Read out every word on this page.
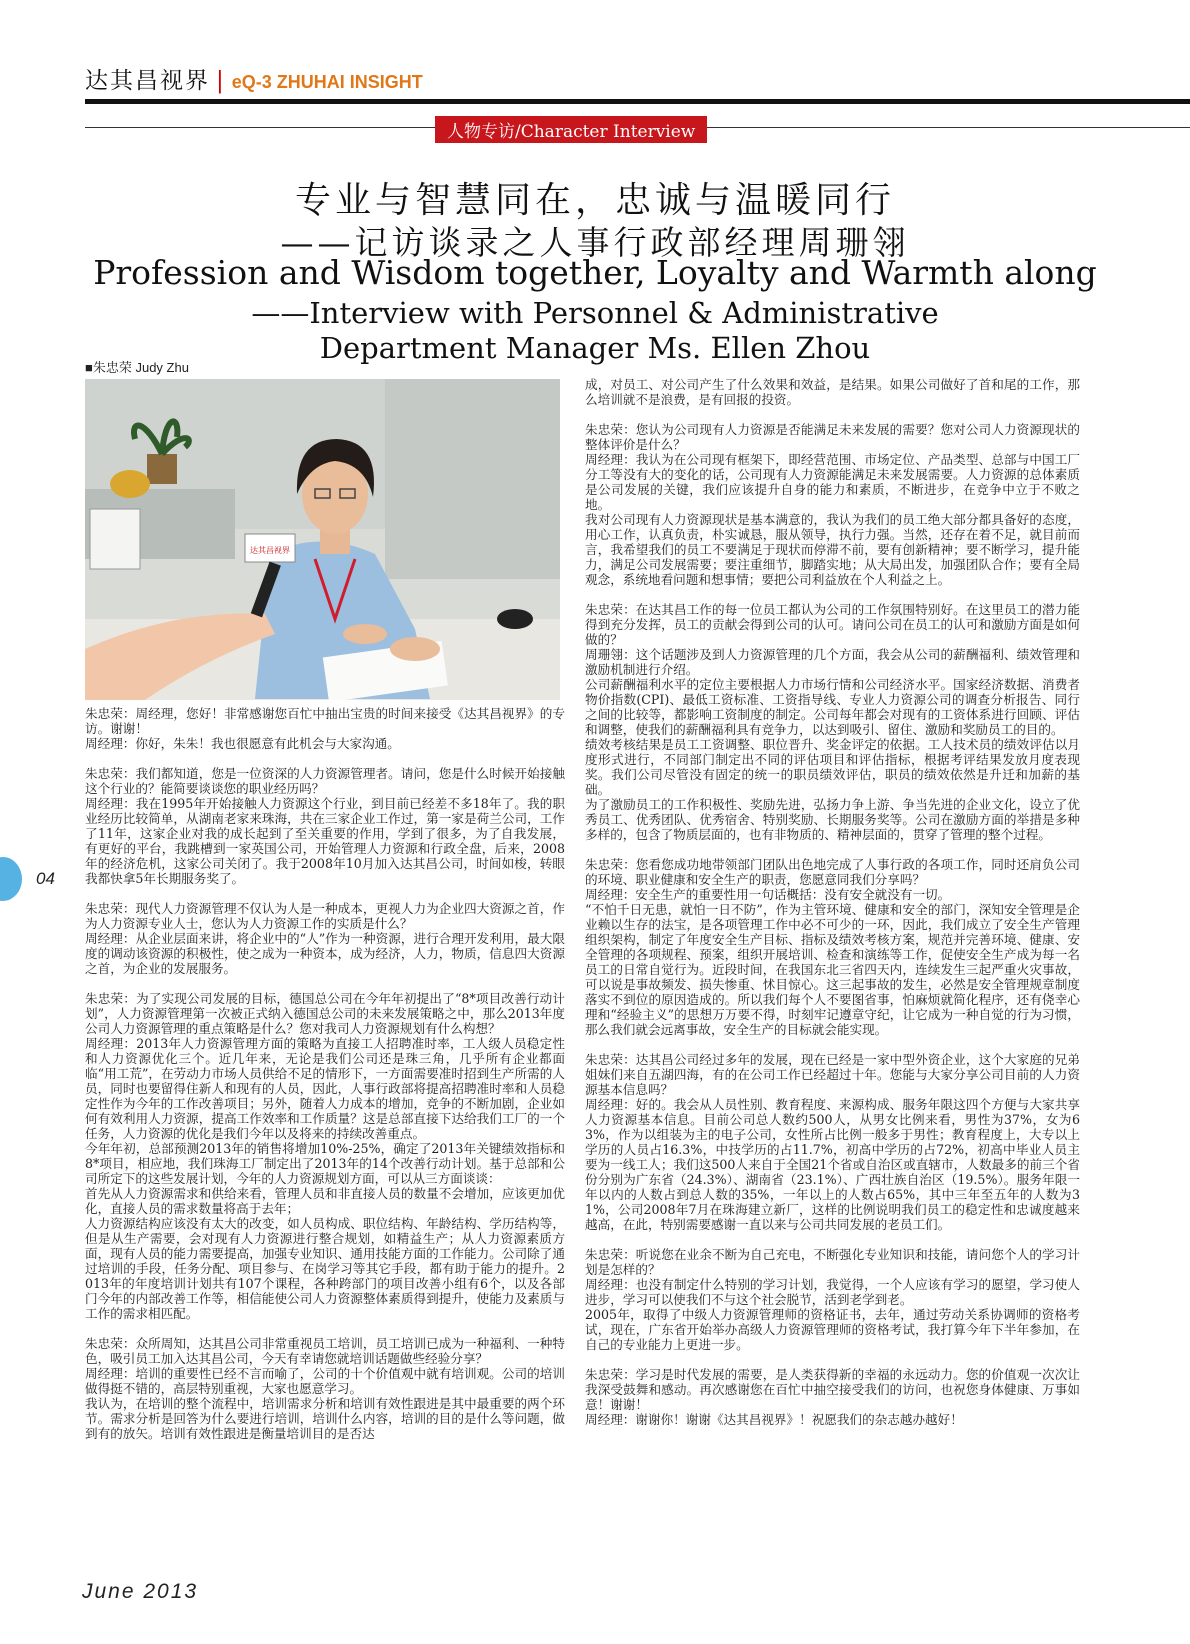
达其昌视界 | eQ-3 ZHUHAI INSIGHT
人物专访/Character Interview
专业与智慧同在，忠诚与温暖同行
——记访谈录之人事行政部经理周珊翎
Profession and Wisdom together, Loyalty and Warmth along
——Interview with Personnel & Administrative
Department Manager Ms. Ellen Zhou
■朱忠荣 Judy Zhu
达其昌视界

朱忠荣：周经理，您好！非常感谢您百忙中抽出宝贵的时间来接受《达其昌视界》的专访。谢谢！

周经理：你好，朱朱！我也很愿意有此机会与大家沟通。

朱忠荣：我们都知道，您是一位资深的人力资源管理者。请问，您是什么时候开始接触这个行业的？能简要谈谈您的职业经历吗？

周经理：我在1995年开始接触人力资源这个行业，到目前已经差不多18年了。我的职业经历比较简单，从湖南老家来珠海，共在三家企业工作过，第一家是荷兰公司，工作了11年，这家企业对我的成长起到了至关重要的作用，学到了很多，为了自我发展，有更好的平台，我跳槽到一家英国公司，开始管理人力资源和行政全盘，后来，2008年的经济危机，这家公司关闭了。我于2008年10月加入达其昌公司，时间如梭，转眼我都快拿5年长期服务奖了。

朱忠荣：现代人力资源管理不仅认为人是一种成本，更视人力为企业四大资源之首，作为人力资源专业人士，您认为人力资源工作的实质是什么？

周经理：从企业层面来讲，将企业中的“人”作为一种资源，进行合理开发利用，最大限度的调动该资源的积极性，使之成为一种资本，成为经济，人力，物质，信息四大资源之首，为企业的发展服务。

朱忠荣：为了实现公司发展的目标，德国总公司在今年年初提出了“8*项目改善行动计划”，人力资源管理第一次被正式纳入德国总公司的未来发展策略之中，那么2013年度公司人力资源管理的重点策略是什么？您对我司人力资源规划有什么构想？

周经理：2013年人力资源管理方面的策略为直接工人招聘准时率，工人级人员稳定性和人力资源优化三个。近几年来，无论是我们公司还是珠三角，几乎所有企业都面临“用工荒”，在劳动力市场人员供给不足的情形下，一方面需要准时招到生产所需的人员，同时也要留得住新人和现有的人员，因此，人事行政部将提高招聘准时率和人员稳定性作为今年的工作改善项目；另外，随着人力成本的增加，竞争的不断加剧，企业如何有效利用人力资源，提高工作效率和工作质量？这是总部直接下达给我们工厂的一个任务，人力资源的优化是我们今年以及将来的持续改善重点。

今年年初，总部预测2013年的销售将增加10%-25%，确定了2013年关键绩效指标和8*项目，相应地，我们珠海工厂制定出了2013年的14个改善行动计划。基于总部和公司所定下的这些发展计划，今年的人力资源规划方面，可以从三方面谈谈：

首先从人力资源需求和供给来看，管理人员和非直接人员的数量不会增加，应该更加优化，直接人员的需求数量将高于去年；

人力资源结构应该没有太大的改变，如人员构成、职位结构、年龄结构、学历结构等，但是从生产需要，会对现有人力资源进行整合规划，如精益生产；从人力资源素质方面，现有人员的能力需要提高，加强专业知识、通用技能方面的工作能力。公司除了通过培训的手段，任务分配、项目参与、在岗学习等其它手段，都有助于能力的提升。2013年的年度培训计划共有107个课程，各种跨部门的项目改善小组有6个，以及各部门今年的内部改善工作等，相信能使公司人力资源整体素质得到提升，使能力及素质与工作的需求相匹配。

朱忠荣：众所周知，达其昌公司非常重视员工培训，员工培训已成为一种福利、一种特色，吸引员工加入达其昌公司，今天有幸请您就培训话题做些经验分享？

周经理：培训的重要性已经不言而喻了，公司的十个价值观中就有培训观。公司的培训做得挺不错的，高层特别重视，大家也愿意学习。

我认为，在培训的整个流程中，培训需求分析和培训有效性跟进是其中最重要的两个环节。需求分析是回答为什么要进行培训，培训什么内容，培训的目的是什么等问题，做到有的放矢。培训有效性跟进是衡量培训目的是否达

成，对员工、对公司产生了什么效果和效益，是结果。如果公司做好了首和尾的工作，那么培训就不是浪费，是有回报的投资。

朱忠荣：您认为公司现有人力资源是否能满足未来发展的需要？您对公司人力资源现状的整体评价是什么？

周经理：我认为在公司现有框架下，即经营范围、市场定位、产品类型、总部与中国工厂分工等没有大的变化的话，公司现有人力资源能满足未来发展需要。人力资源的总体素质是公司发展的关键，我们应该提升自身的能力和素质，不断进步，在竞争中立于不败之地。

我对公司现有人力资源现状是基本满意的，我认为我们的员工绝大部分都具备好的态度，用心工作，认真负责，朴实诚恳，服从领导，执行力强。当然，还存在着不足，就目前而言，我希望我们的员工不要满足于现状而停滞不前，要有创新精神；要不断学习，提升能力，满足公司发展需要；要注重细节，脚踏实地；从大局出发，加强团队合作；要有全局观念，系统地看问题和想事情；要把公司利益放在个人利益之上。

朱忠荣：在达其昌工作的每一位员工都认为公司的工作氛围特别好。在这里员工的潜力能得到充分发挥，员工的贡献会得到公司的认可。请问公司在员工的认可和激励方面是如何做的？

周珊翎：这个话题涉及到人力资源管理的几个方面，我会从公司的薪酬福利、绩效管理和激励机制进行介绍。

公司薪酬福利水平的定位主要根据人力市场行情和公司经济水平。国家经济数据、消费者物价指数(CPI)、最低工资标准、工资指导线、专业人力资源公司的调查分析报告、同行之间的比较等，都影响工资制度的制定。公司每年都会对现有的工资体系进行回顾、评估和调整，使我们的薪酬福利具有竞争力，以达到吸引、留住、激励和奖励员工的目的。

绩效考核结果是员工工资调整、职位晋升、奖金评定的依据。工人技术员的绩效评估以月度形式进行，不同部门制定出不同的评估项目和评估指标，根据考评结果发放月度表现奖。我们公司尽管没有固定的统一的职员绩效评估，职员的绩效依然是升迁和加薪的基础。

为了激励员工的工作积极性、奖励先进，弘扬力争上游、争当先进的企业文化，设立了优秀员工、优秀团队、优秀宿舍、特别奖励、长期服务奖等。公司在激励方面的举措是多种多样的，包含了物质层面的，也有非物质的、精神层面的，贯穿了管理的整个过程。

朱忠荣：您看您成功地带领部门团队出色地完成了人事行政的各项工作，同时还肩负公司的环境、职业健康和安全生产的职责，您愿意同我们分享吗？

周经理：安全生产的重要性用一句话概括：没有安全就没有一切。

“不怕千日无患，就怕一日不防”，作为主管环境、健康和安全的部门，深知安全管理是企业赖以生存的法宝，是各项管理工作中必不可少的一环，因此，我们成立了安全生产管理组织架构，制定了年度安全生产目标、指标及绩效考核方案，规范并完善环境、健康、安全管理的各项规程、预案，组织开展培训、检查和演练等工作，促使安全生产成为每一名员工的日常自觉行为。近段时间，在我国东北三省四天内，连续发生三起严重火灾事故，可以说是事故频发、损失惨重、怵目惊心。这三起事故的发生，必然是安全管理规章制度落实不到位的原因造成的。所以我们每个人不要图省事，怕麻烦就简化程序，还有侥幸心理和“经验主义”的思想万万要不得，时刻牢记遵章守纪，让它成为一种自觉的行为习惯，那么我们就会远离事故，安全生产的目标就会能实现。

朱忠荣：达其昌公司经过多年的发展，现在已经是一家中型外资企业，这个大家庭的兄弟姐妹们来自五湖四海，有的在公司工作已经超过十年。您能与大家分享公司目前的人力资源基本信息吗？

周经理：好的。我会从人员性别、教育程度、来源构成、服务年限这四个方便与大家共享人力资源基本信息。目前公司总人数约500人，从男女比例来看，男性为37%，女为63%，作为以组装为主的电子公司，女性所占比例一般多于男性；教育程度上，大专以上学历的人员占16.3%，中技学历的占11.7%，初高中学历的占72%，初高中毕业人员主要为一线工人；我们这500人来自于全国21个省或自治区或直辖市，人数最多的前三个省份分别为广东省（24.3%）、湖南省（23.1%）、广西壮族自治区（19.5%）。服务年限一年以内的人数占到总人数的35%，一年以上的人数占65%，其中三年至五年的人数为31%，公司2008年7月在珠海建立新厂，这样的比例说明我们员工的稳定性和忠诚度越来越高，在此，特别需要感谢一直以来与公司共同发展的老员工们。

朱忠荣：听说您在业余不断为自己充电，不断强化专业知识和技能，请问您个人的学习计划是怎样的？

周经理：也没有制定什么特别的学习计划，我觉得，一个人应该有学习的愿望，学习使人进步，学习可以使我们不与这个社会脱节，活到老学到老。

2005年，取得了中级人力资源管理师的资格证书，去年，通过劳动关系协调师的资格考试，现在，广东省开始举办高级人力资源管理师的资格考试，我打算今年下半年参加，在自己的专业能力上更进一步。

朱忠荣：学习是时代发展的需要，是人类获得新的幸福的永远动力。您的价值观一次次让我深受鼓舞和感动。再次感谢您在百忙中抽空接受我们的访问，也祝您身体健康、万事如意！谢谢！

周经理：谢谢你！谢谢《达其昌视界》！祝愿我们的杂志越办越好！

04
June 2013
